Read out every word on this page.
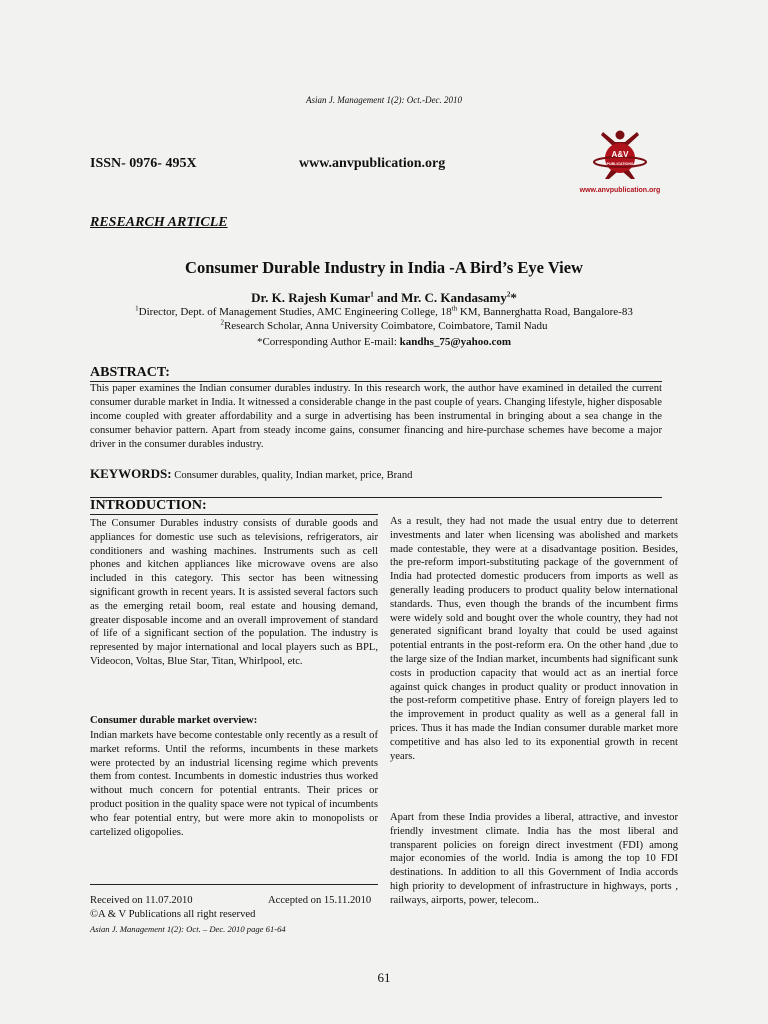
Asian J. Management 1(2): Oct.-Dec. 2010
ISSN- 0976- 495X	www.anvpublication.org
A&V
PUBLICATIONS
www.anvpublication.org
RESEARCH ARTICLE
Consumer Durable Industry in India -A Bird’s Eye View
Dr. K. Rajesh Kumar$^1$ and Mr. C. Kandasamy$^2$*
$^1$Director, Dept. of Management Studies, AMC Engineering College, 18th KM, Bannerghatta Road, Bangalore-83
$^2$Research Scholar, Anna University Coimbatore, Coimbatore, Tamil Nadu
*Corresponding Author E-mail: kandhs_75@yahoo.com
ABSTRACT:
This paper examines the Indian consumer durables industry. In this research work, the author have examined in detailed the current consumer durable market in India. It witnessed a considerable change in the past couple of years. Changing lifestyle, higher disposable income coupled with greater affordability and a surge in advertising has been instrumental in bringing about a sea change in the consumer behavior pattern. Apart from steady income gains, consumer financing and hire-purchase schemes have become a major driver in the consumer durables industry.
KEYWORDS: Consumer durables, quality, Indian market, price, Brand
INTRODUCTION:

The Consumer Durables industry consists of durable goods and appliances for domestic use such as televisions, refrigerators, air conditioners and washing machines. Instruments such as cell phones and kitchen appliances like microwave ovens are also included in this category. This sector has been witnessing significant growth in recent years. It is assisted several factors such as the emerging retail boom, real estate and housing demand, greater disposable income and an overall improvement of standard of life of a significant section of the population. The industry is represented by major international and local players such as BPL, Videocon, Voltas, Blue Star, Titan, Whirlpool, etc.

Consumer durable market overview:

Indian markets have become contestable only recently as a result of market reforms. Until the reforms, incumbents in these markets were protected by an industrial licensing regime which prevents them from contest. Incumbents in domestic industries thus worked without much concern for potential entrants. Their prices or product position in the quality space were not typical of incumbents who fear potential entry, but were more akin to monopolists or cartelized oligopolies.

As a result, they had not made the usual entry due to deterrent investments and later when licensing was abolished and markets made contestable, they were at a disadvantage position. Besides, the pre-reform import-substituting package of the government of India had protected domestic producers from imports as well as generally leading producers to product quality below international standards. Thus, even though the brands of the incumbent firms were widely sold and bought over the whole country, they had not generated significant brand loyalty that could be used against potential entrants in the post-reform era. On the other hand ,due to the large size of the Indian market, incumbents had significant sunk costs in production capacity that would act as an inertial force against quick changes in product quality or product innovation in the post-reform competitive phase. Entry of foreign players led to the improvement in product quality as well as a general fall in prices. Thus it has made the Indian consumer durable market more competitive and has also led to its exponential growth in recent years.

Apart from these India provides a liberal, attractive, and investor friendly investment climate. India has the most liberal and transparent policies on foreign direct investment (FDI) among major economies of the world. India is among the top 10 FDI destinations. In addition to all this Government of India accords high priority to development of infrastructure in highways, ports , railways, airports, power, telecom..

Received on 11.07.2010	Accepted on 15.11.2010
©A & V Publications all right reserved
Asian J. Management 1(2): Oct. – Dec. 2010 page 61-64
61
